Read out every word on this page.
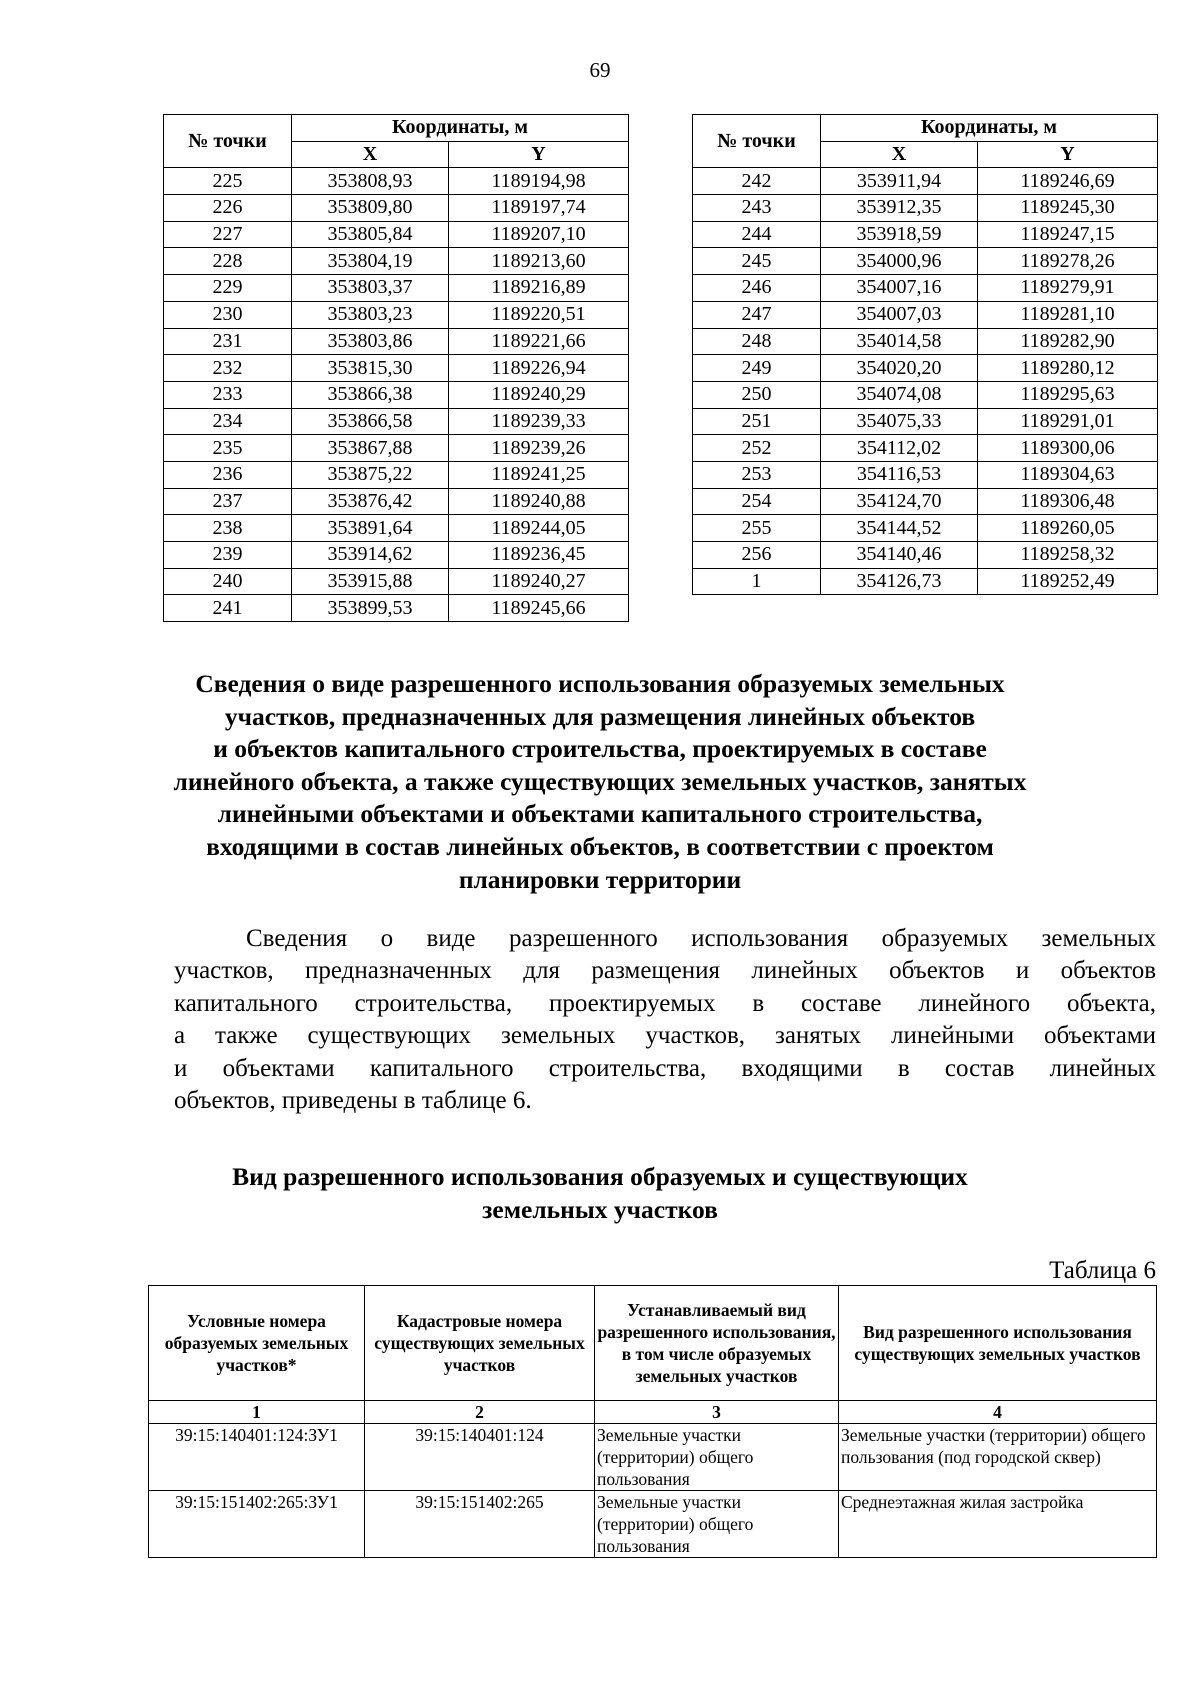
69
№ точки	Координаты, м	
	X	Y
225	353808,93	1189194,98
226	353809,80	1189197,74
227	353805,84	1189207,10
228	353804,19	1189213,60
229	353803,37	1189216,89
230	353803,23	1189220,51
231	353803,86	1189221,66
232	353815,30	1189226,94
233	353866,38	1189240,29
234	353866,58	1189239,33
235	353867,88	1189239,26
236	353875,22	1189241,25
237	353876,42	1189240,88
238	353891,64	1189244,05
239	353914,62	1189236,45
240	353915,88	1189240,27
241	353899,53	1189245,66
№ точки	Координаты, м	
	X	Y
242	353911,94	1189246,69
243	353912,35	1189245,30
244	353918,59	1189247,15
245	354000,96	1189278,26
246	354007,16	1189279,91
247	354007,03	1189281,10
248	354014,58	1189282,90
249	354020,20	1189280,12
250	354074,08	1189295,63
251	354075,33	1189291,01
252	354112,02	1189300,06
253	354116,53	1189304,63
254	354124,70	1189306,48
255	354144,52	1189260,05
256	354140,46	1189258,32
1	354126,73	1189252,49
Сведения о виде разрешенного использования образуемых земельных
участков, предназначенных для размещения линейных объектов
и объектов капитального строительства, проектируемых в составе
линейного объекта, а также существующих земельных участков, занятых
линейными объектами и объектами капитального строительства,
входящими в состав линейных объектов, в соответствии с проектом
планировки территории
Сведения о виде разрешенного использования образуемых земельных
участков, предназначенных для размещения линейных объектов и объектов
капитального строительства, проектируемых в составе линейного объекта,
а также существующих земельных участков, занятых линейными объектами
и объектами капитального строительства, входящими в состав линейных
объектов, приведены в таблице 6.
Вид разрешенного использования образуемых и существующих
земельных участков
Таблица 6
Условные номера образуемых земельных участков*	Кадастровые номера существующих земельных участков	Устанавливаемый вид разрешенного использования, в том числе образуемых земельных участков	Вид разрешенного использования существующих земельных участков
1	2	3	4
39:15:140401:124:ЗУ1	39:15:140401:124	Земельные участки (территории) общего пользования	Земельные участки (территории) общего пользования (под городской сквер)
39:15:151402:265:ЗУ1	39:15:151402:265	Земельные участки (территории) общего пользования	Среднеэтажная жилая застройка
